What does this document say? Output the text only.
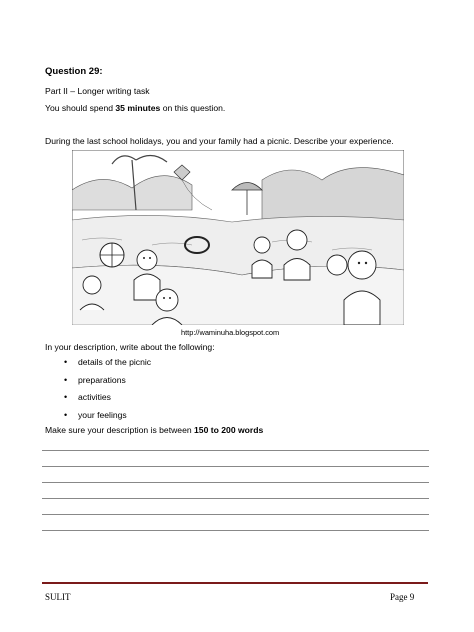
Question 29:
Part II – Longer writing task
You should spend 35 minutes on this question.
During the last school holidays, you and your family had a picnic. Describe your experience.
http://waminuha.blogspot.com
In your description, write about the following:
• details of the picnic
• preparations
• activities
• your feelings
Make sure your description is between 150 to 200 words
SULIT	Page 9
